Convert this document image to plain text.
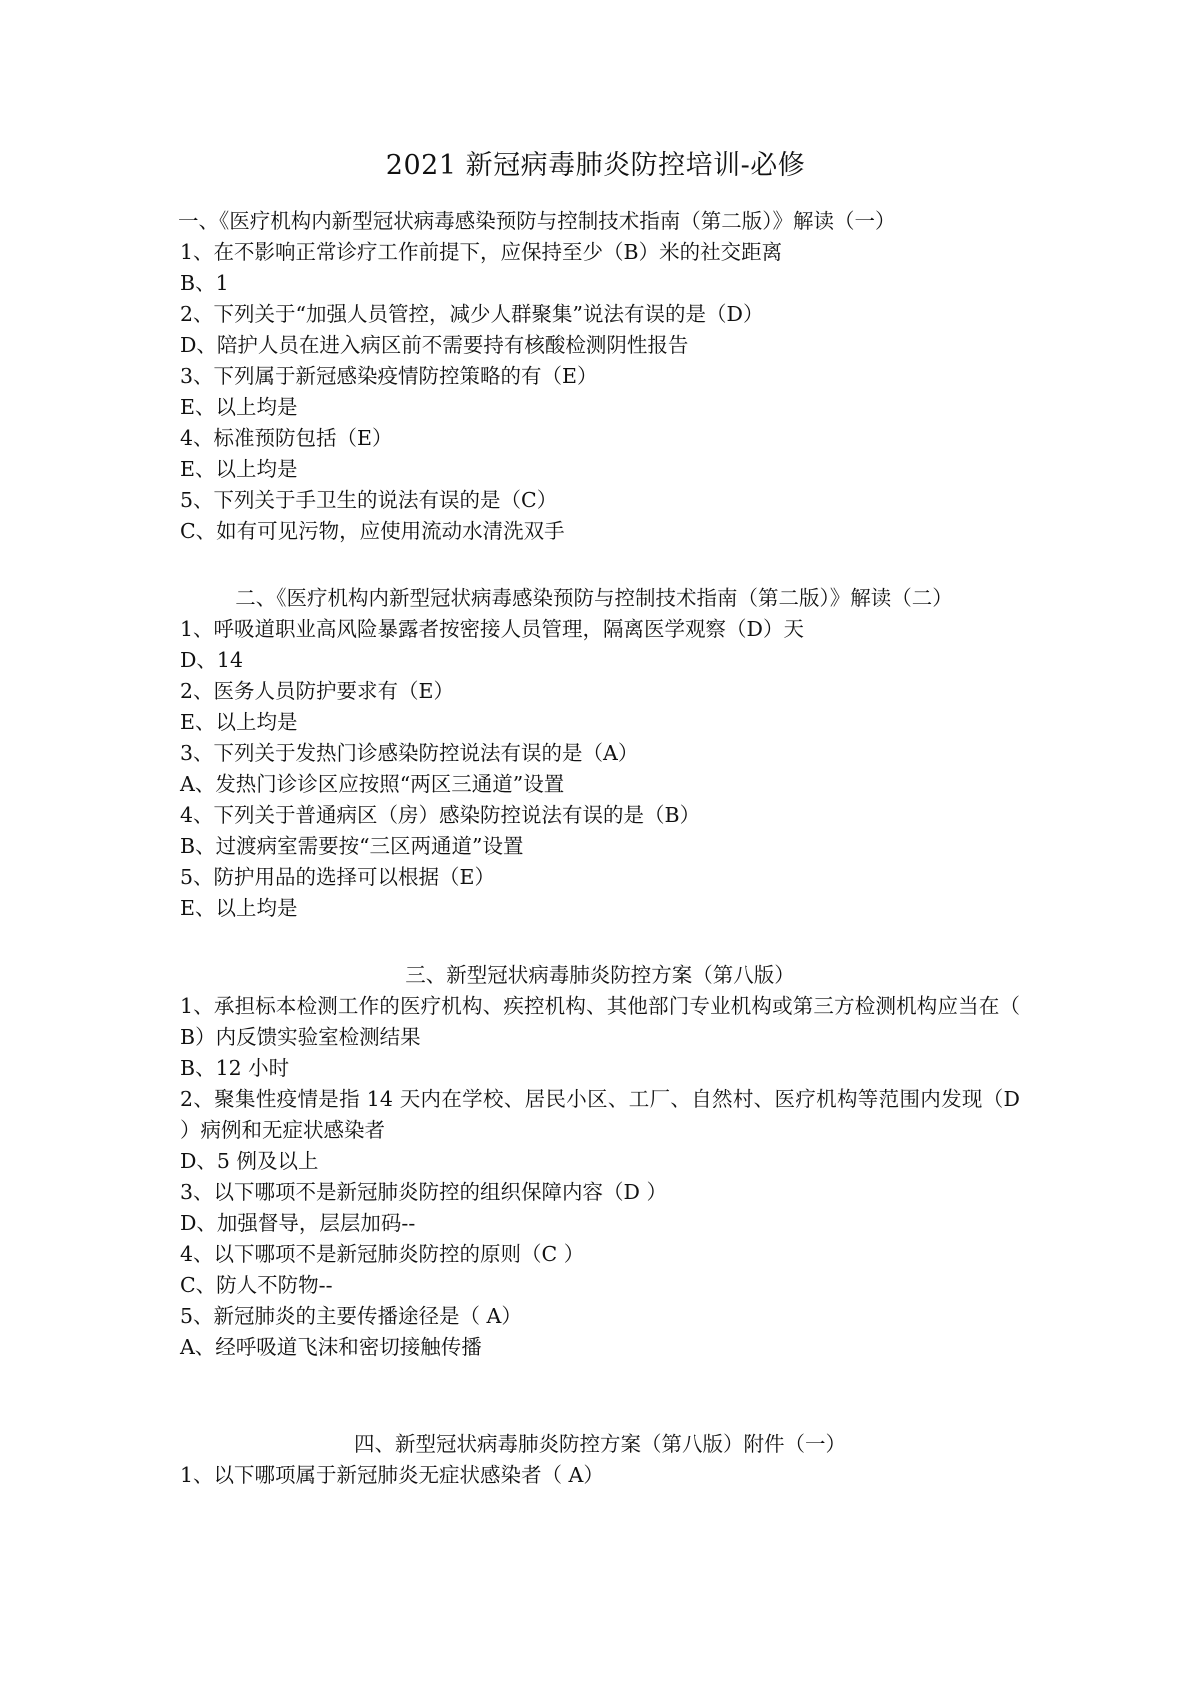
2021 新冠病毒肺炎防控培训-必修
一、《医疗机构内新型冠状病毒感染预防与控制技术指南（第二版）》解读（一）
1、在不影响正常诊疗工作前提下，应保持至少（B）米的社交距离
B、1
2、下列关于“加强人员管控，减少人群聚集”说法有误的是（D）
D、陪护人员在进入病区前不需要持有核酸检测阴性报告
3、下列属于新冠感染疫情防控策略的有（E）
E、以上均是
4、标准预防包括（E）
E、以上均是
5、下列关于手卫生的说法有误的是（C）
C、如有可见污物，应使用流动水清洗双手
二、《医疗机构内新型冠状病毒感染预防与控制技术指南（第二版）》解读（二）
1、呼吸道职业高风险暴露者按密接人员管理，隔离医学观察（D）天
D、14
2、医务人员防护要求有（E）
E、以上均是
3、下列关于发热门诊感染防控说法有误的是（A）
A、发热门诊诊区应按照“两区三通道”设置
4、下列关于普通病区（房）感染防控说法有误的是（B）
B、过渡病室需要按“三区两通道”设置
5、防护用品的选择可以根据（E）
E、以上均是
三、新型冠状病毒肺炎防控方案（第八版）
1、承担标本检测工作的医疗机构、疾控机构、其他部门专业机构或第三方检测机构应当在（ B）内反馈实验室检测结果
B、12 小时
2、聚集性疫情是指 14 天内在学校、居民小区、工厂、自然村、医疗机构等范围内发现（D ）病例和无症状感染者
D、5 例及以上
3、以下哪项不是新冠肺炎防控的组织保障内容（D ）
D、加强督导，层层加码--
4、以下哪项不是新冠肺炎防控的原则（C ）
C、防人不防物--
5、新冠肺炎的主要传播途径是（ A）
A、经呼吸道飞沫和密切接触传播
四、新型冠状病毒肺炎防控方案（第八版）附件（一）
1、以下哪项属于新冠肺炎无症状感染者（ A）
